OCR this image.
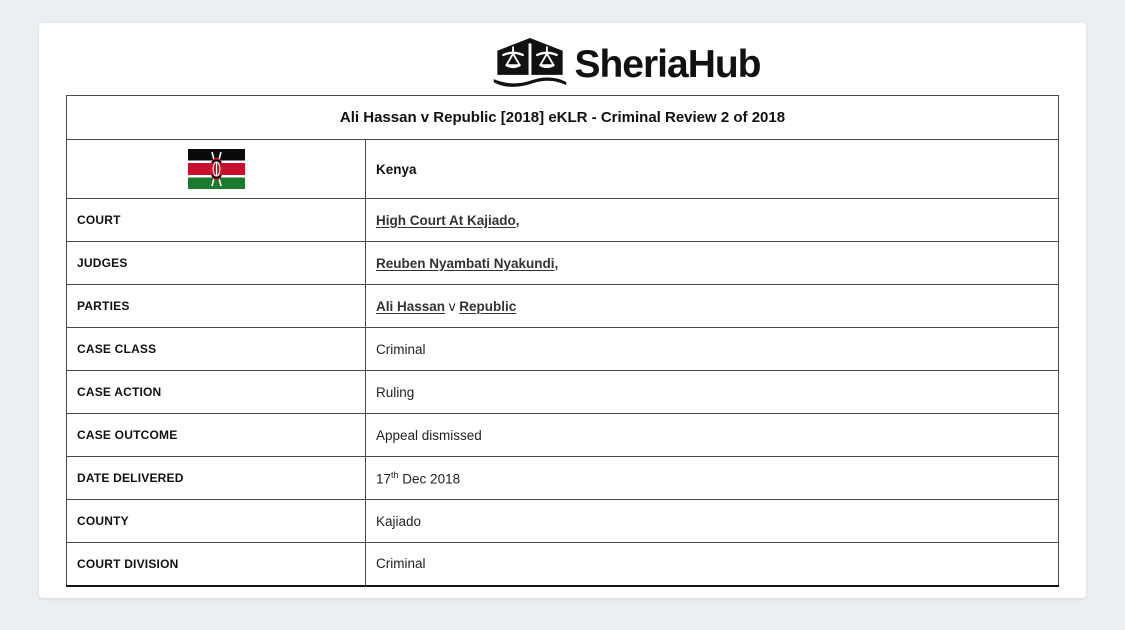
SheriaHub
Ali Hassan v Republic [2018] eKLR - Criminal Review 2 of 2018	
	Kenya
COURT	High Court At Kajiado,
JUDGES	Reuben Nyambati Nyakundi,
PARTIES	Ali Hassan v Republic
CASE CLASS	Criminal
CASE ACTION	Ruling
CASE OUTCOME	Appeal dismissed
DATE DELIVERED	17th Dec 2018
COUNTY	Kajiado
COURT DIVISION	Criminal
